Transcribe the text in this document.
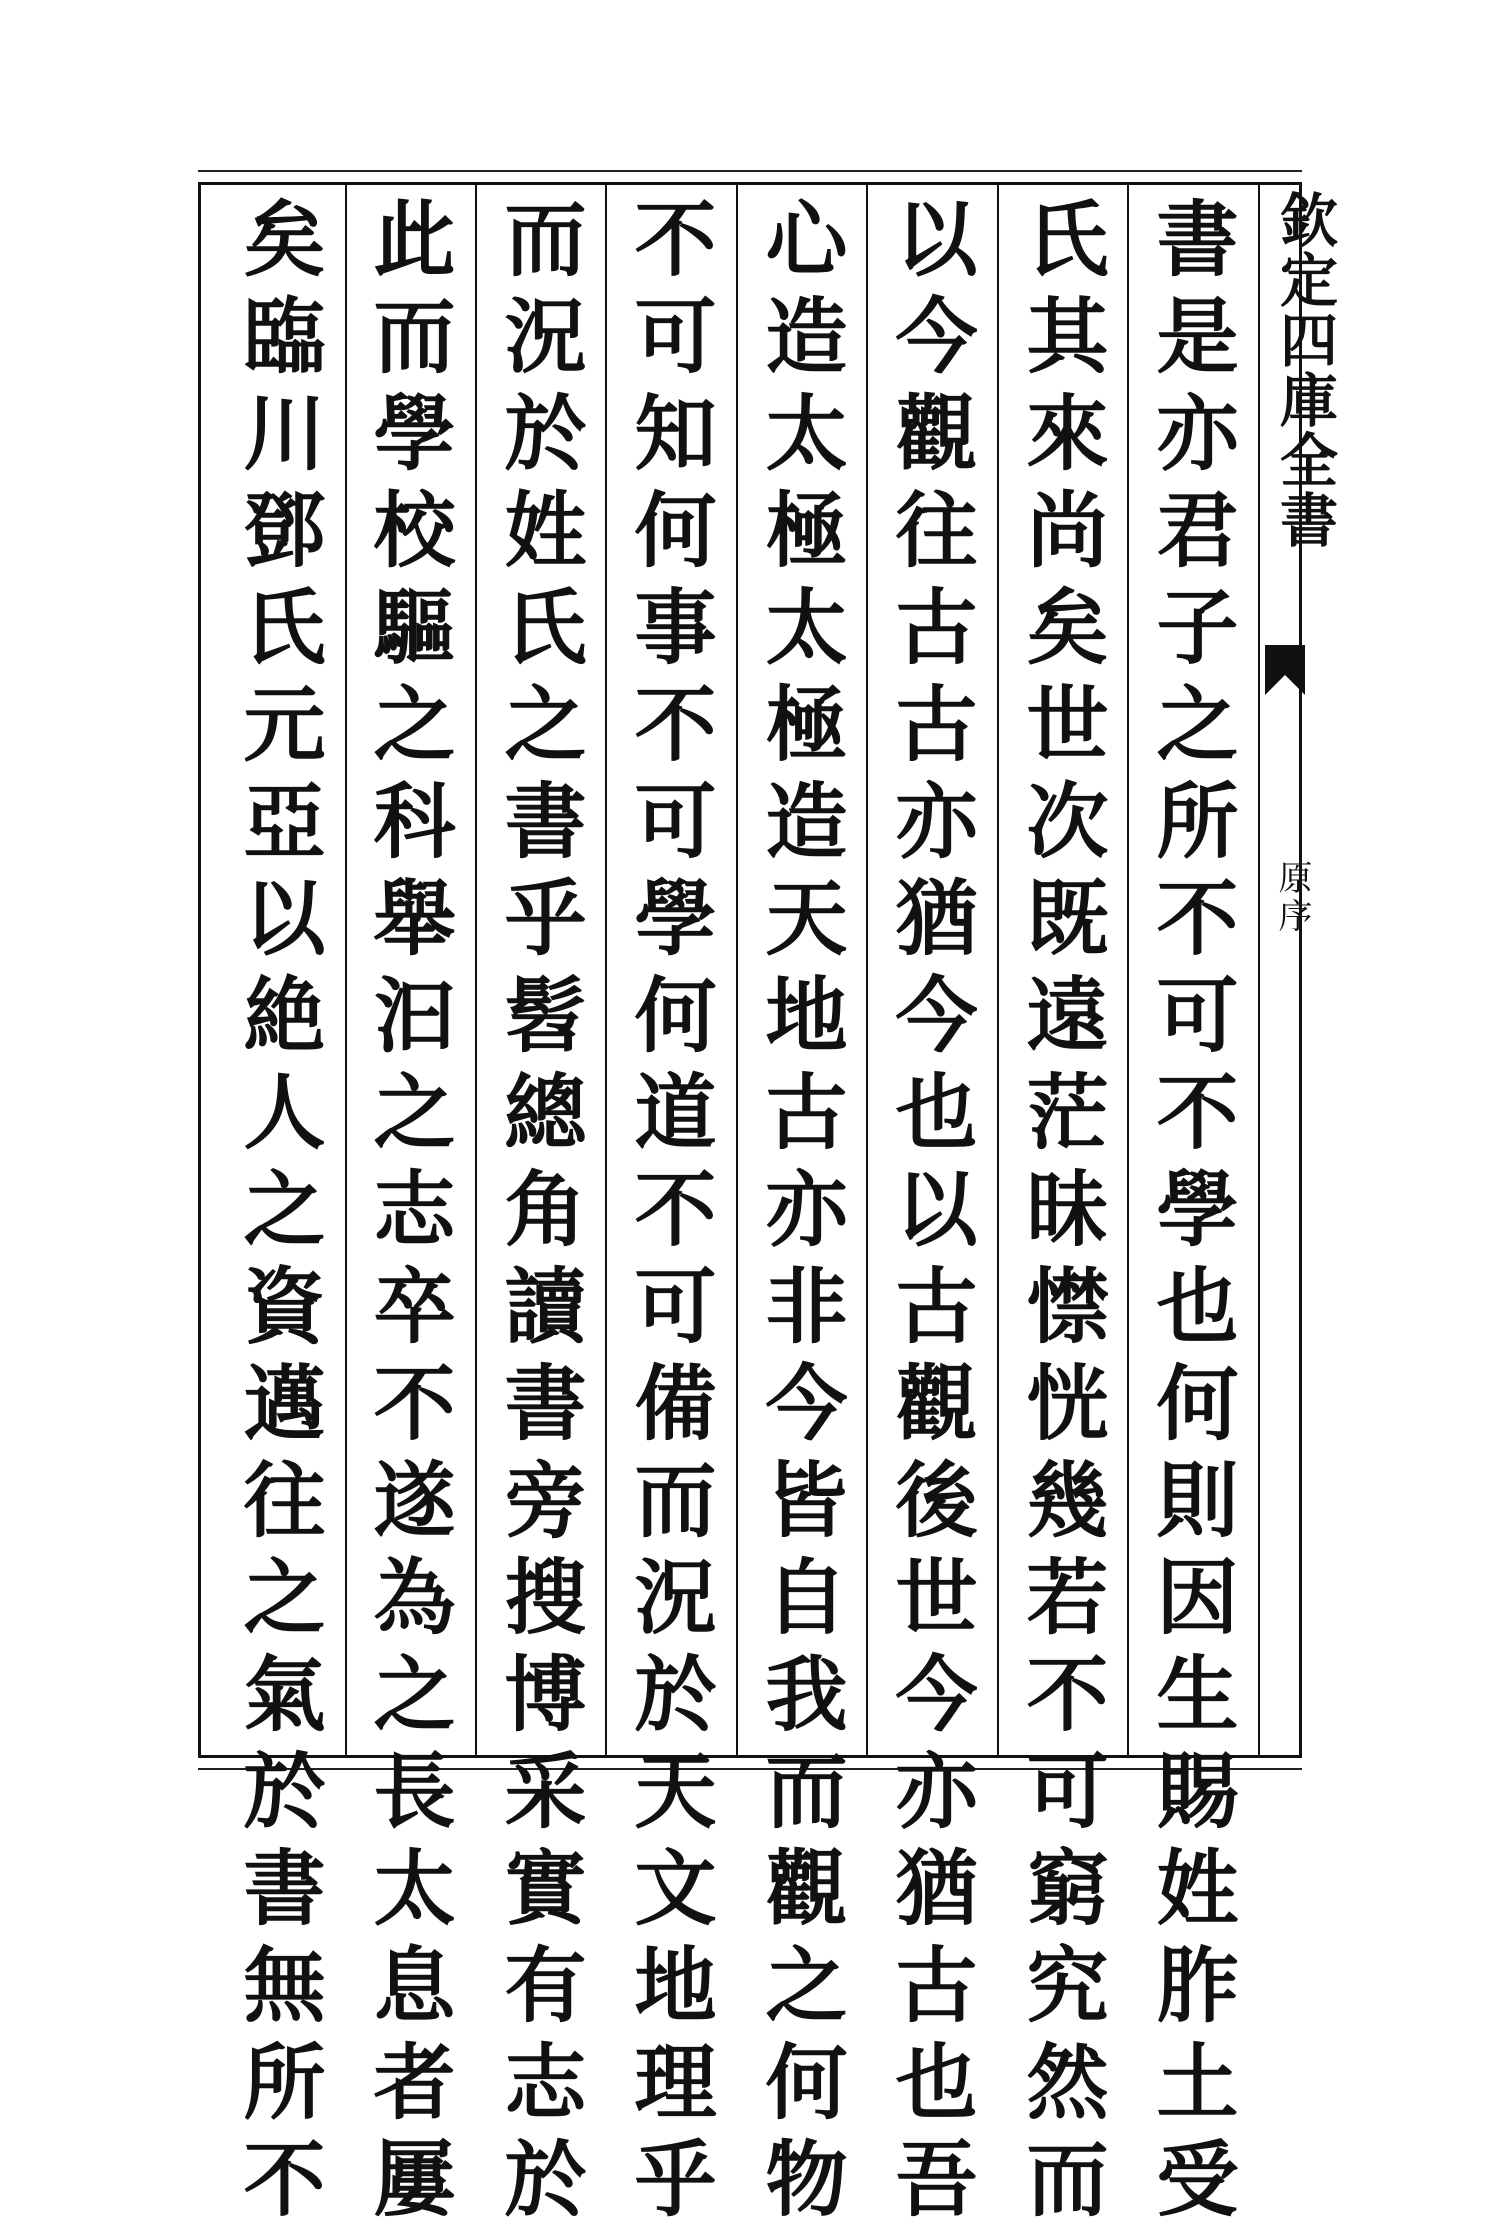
欽定四庫全書
原序
書是亦君子之所不可不學也何則因生賜姓胙土受
氏其來尚矣世次既遠茫昧㦗恍幾若不可窮究然而
以今觀往古古亦猶今也以古觀後世今亦猶古也吾
心造太極太極造天地古亦非今皆自我而觀之何物
不可知何事不可學何道不可備而況於天文地理乎
而況於姓氏之書乎髫總角讀書旁搜博采實有志於
此而學校驅之科舉汩之志卒不遂為之長太息者屢
矣臨川鄧氏元亞以絶人之資邁往之氣於書無所不
